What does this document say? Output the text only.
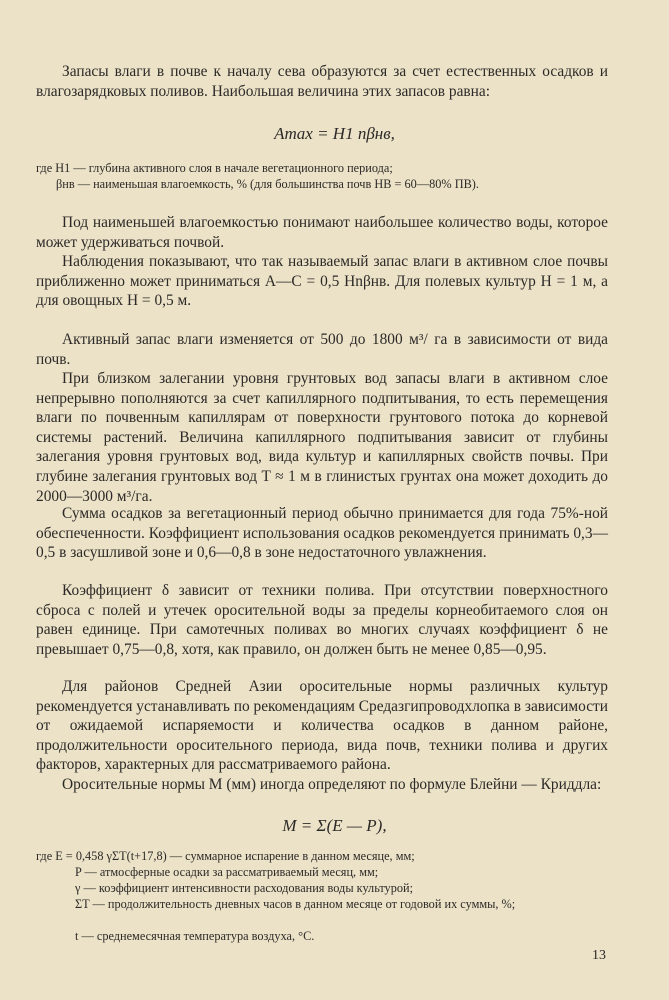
Запасы влаги в почве к началу сева образуются за счет естественных осадков и влагозарядковых поливов. Наибольшая величина этих запасов равна:

Amax = H1 nβнв,

где H1 — глубина активного слоя в начале вегетационного периода;

βнв — наименьшая влагоемкость, % (для большинства почв НВ = 60—80% ПВ).

Под наименьшей влагоемкостью понимают наибольшее количество воды, которое может удерживаться почвой.

Наблюдения показывают, что так называемый запас влаги в активном слое почвы приближенно может приниматься А—С = 0,5 Hnβнв. Для полевых культур H = 1 м, а для овощных H = 0,5 м.

Активный запас влаги изменяется от 500 до 1800 м³/ га в зависимости от вида почв.

При близком залегании уровня грунтовых вод запасы влаги в активном слое непрерывно пополняются за счет капиллярного подпитывания, то есть перемещения влаги по почвенным капиллярам от поверхности грунтового потока до корневой системы растений. Величина капиллярного подпитывания зависит от глубины залегания уровня грунтовых вод, вида культур и капиллярных свойств почвы. При глубине залегания грунтовых вод T ≈ 1 м в глинистых грунтах она может доходить до 2000—3000 м³/га.

Сумма осадков за вегетационный период обычно принимается для года 75%-ной обеспеченности. Коэффициент использования осадков рекомендуется принимать 0,3—0,5 в засушливой зоне и 0,6—0,8 в зоне недостаточного увлажнения.

Коэффициент δ зависит от техники полива. При отсутствии поверхностного сброса с полей и утечек оросительной воды за пределы корнеобитаемого слоя он равен единице. При самотечных поливах во многих случаях коэффициент δ не превышает 0,75—0,8, хотя, как правило, он должен быть не менее 0,85—0,95.

Для районов Средней Азии оросительные нормы различных культур рекомендуется устанавливать по рекомендациям Средазгипроводхлопка в зависимости от ожидаемой испаряемости и количества осадков в данном районе, продолжительности оросительного периода, вида почв, техники полива и других факторов, характерных для рассматриваемого района.

Оросительные нормы M (мм) иногда определяют по формуле Блейни — Криддла:

M = Σ(E — P),

где E = 0,458 γΣT(t+17,8) — суммарное испарение в данном месяце, мм;

P — атмосферные осадки за рассматриваемый месяц, мм;

γ — коэффициент интенсивности расходования воды культурой;

ΣT — продолжительность дневных часов в данном месяце от годовой их суммы, %;

t — среднемесячная температура воздуха, °С.

13
